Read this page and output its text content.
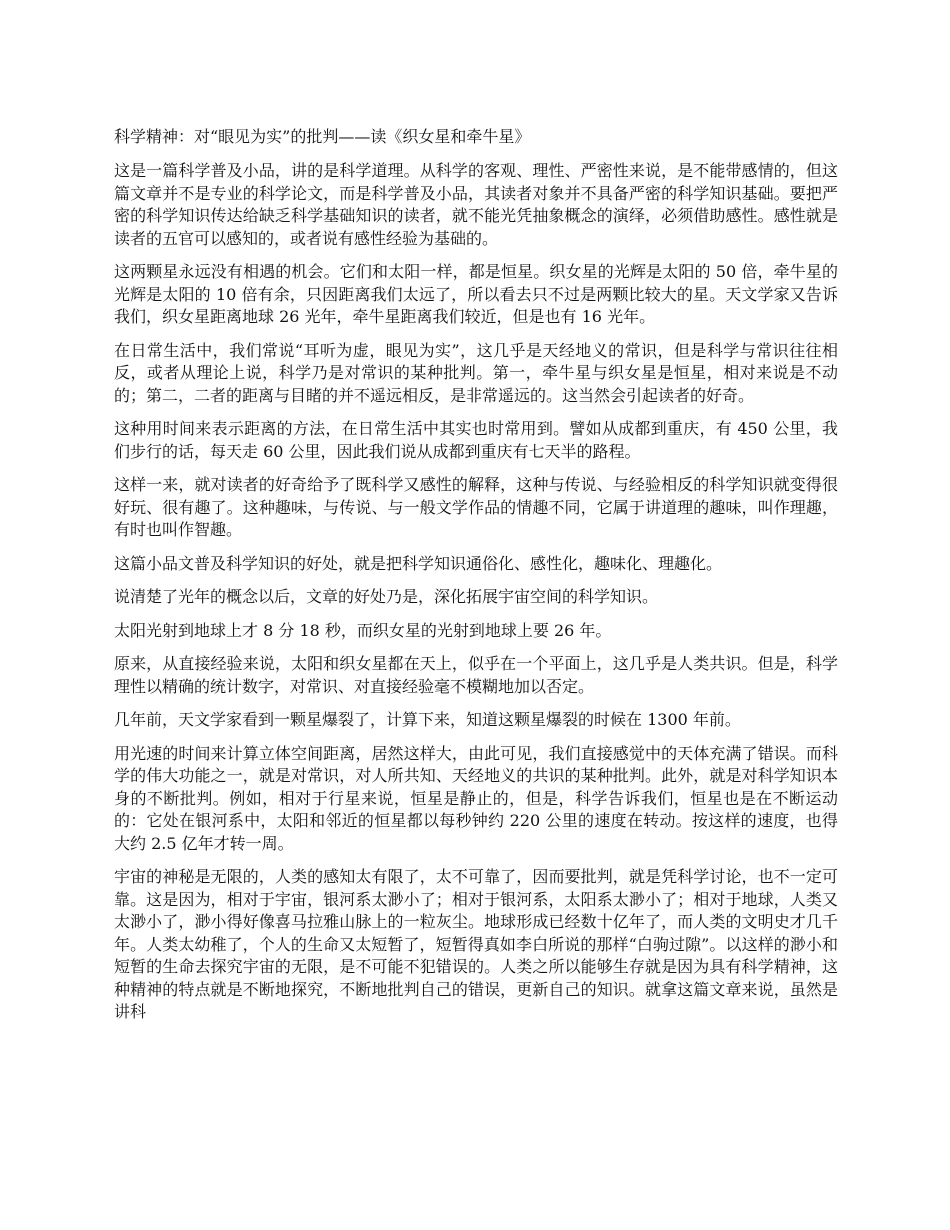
科学精神：对“眼见为实”的批判——读《织女星和牵牛星》

这是一篇科学普及小品，讲的是科学道理。从科学的客观、理性、严密性来说，是不能带感情的，但这篇文章并不是专业的科学论文，而是科学普及小品，其读者对象并不具备严密的科学知识基础。要把严密的科学知识传达给缺乏科学基础知识的读者，就不能光凭抽象概念的演绎，必须借助感性。感性就是读者的五官可以感知的，或者说有感性经验为基础的。

这两颗星永远没有相遇的机会。它们和太阳一样，都是恒星。织女星的光辉是太阳的 50 倍，牵牛星的光辉是太阳的 10 倍有余，只因距离我们太远了，所以看去只不过是两颗比较大的星。天文学家又告诉我们，织女星距离地球 26 光年，牵牛星距离我们较近，但是也有 16 光年。

在日常生活中，我们常说“耳听为虚，眼见为实”，这几乎是天经地义的常识，但是科学与常识往往相反，或者从理论上说，科学乃是对常识的某种批判。第一，牵牛星与织女星是恒星，相对来说是不动的；第二，二者的距离与目睹的并不遥远相反，是非常遥远的。这当然会引起读者的好奇。

这种用时间来表示距离的方法，在日常生活中其实也时常用到。譬如从成都到重庆，有 450 公里，我们步行的话，每天走 60 公里，因此我们说从成都到重庆有七天半的路程。

这样一来，就对读者的好奇给予了既科学又感性的解释，这种与传说、与经验相反的科学知识就变得很好玩、很有趣了。这种趣味，与传说、与一般文学作品的情趣不同，它属于讲道理的趣味，叫作理趣，有时也叫作智趣。

这篇小品文普及科学知识的好处，就是把科学知识通俗化、感性化，趣味化、理趣化。

说清楚了光年的概念以后，文章的好处乃是，深化拓展宇宙空间的科学知识。

太阳光射到地球上才 8 分 18 秒，而织女星的光射到地球上要 26 年。

原来，从直接经验来说，太阳和织女星都在天上，似乎在一个平面上，这几乎是人类共识。但是，科学理性以精确的统计数字，对常识、对直接经验毫不模糊地加以否定。

几年前，天文学家看到一颗星爆裂了，计算下来，知道这颗星爆裂的时候在 1300 年前。

用光速的时间来计算立体空间距离，居然这样大，由此可见，我们直接感觉中的天体充满了错误。而科学的伟大功能之一，就是对常识，对人所共知、天经地义的共识的某种批判。此外，就是对科学知识本身的不断批判。例如，相对于行星来说，恒星是静止的，但是，科学告诉我们，恒星也是在不断运动的：它处在银河系中，太阳和邻近的恒星都以每秒钟约 220 公里的速度在转动。按这样的速度，也得大约 2.5 亿年才转一周。

宇宙的神秘是无限的，人类的感知太有限了，太不可靠了，因而要批判，就是凭科学讨论，也不一定可靠。这是因为，相对于宇宙，银河系太渺小了；相对于银河系，太阳系太渺小了；相对于地球，人类又太渺小了，渺小得好像喜马拉雅山脉上的一粒灰尘。地球形成已经数十亿年了，而人类的文明史才几千年。人类太幼稚了，个人的生命又太短暂了，短暂得真如李白所说的那样“白驹过隙”。以这样的渺小和短暂的生命去探究宇宙的无限，是不可能不犯错误的。人类之所以能够生存就是因为具有科学精神，这种精神的特点就是不断地探究，不断地批判自己的错误，更新自己的知识。就拿这篇文章来说，虽然是讲科
